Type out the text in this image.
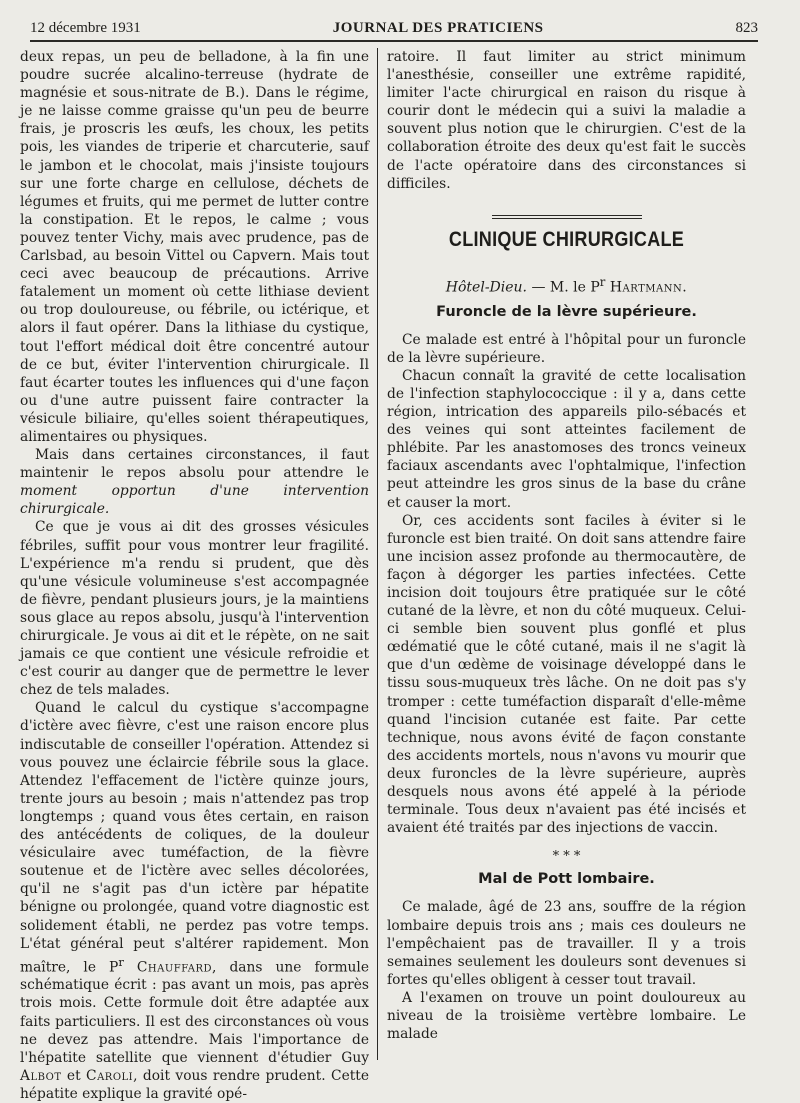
12 décembre 1931	JOURNAL DES PRATICIENS	823

deux repas, un peu de belladone, à la fin une poudre sucrée alcalino-terreuse (hydrate de magnésie et sous-nitrate de B.). Dans le régime, je ne laisse comme graisse qu'un peu de beurre frais, je proscris les œufs, les choux, les petits pois, les viandes de triperie et charcuterie, sauf le jambon et le chocolat, mais j'insiste toujours sur une forte charge en cellulose, déchets de légumes et fruits, qui me permet de lutter contre la constipation. Et le repos, le calme ; vous pouvez tenter Vichy, mais avec prudence, pas de Carlsbad, au besoin Vittel ou Capvern. Mais tout ceci avec beaucoup de précautions. Arrive fatalement un moment où cette lithiase devient ou trop douloureuse, ou fébrile, ou ictérique, et alors il faut opérer. Dans la lithiase du cystique, tout l'effort médical doit être concentré autour de ce but, éviter l'intervention chirurgicale. Il faut écarter toutes les influences qui d'une façon ou d'une autre puissent faire contracter la vésicule biliaire, qu'elles soient thérapeutiques, alimentaires ou physiques.

Mais dans certaines circonstances, il faut maintenir le repos absolu pour attendre le moment opportun d'une intervention chirurgicale.

Ce que je vous ai dit des grosses vésicules fébriles, suffit pour vous montrer leur fragilité. L'expérience m'a rendu si prudent, que dès qu'une vésicule volumineuse s'est accompagnée de fièvre, pendant plusieurs jours, je la maintiens sous glace au repos absolu, jusqu'à l'intervention chirurgicale. Je vous ai dit et le répète, on ne sait jamais ce que contient une vésicule refroidie et c'est courir au danger que de permettre le lever chez de tels malades.

Quand le calcul du cystique s'accompagne d'ictère avec fièvre, c'est une raison encore plus indiscutable de conseiller l'opération. Attendez si vous pouvez une éclaircie fébrile sous la glace. Attendez l'effacement de l'ictère quinze jours, trente jours au besoin ; mais n'attendez pas trop longtemps ; quand vous êtes certain, en raison des antécédents de coliques, de la douleur vésiculaire avec tuméfaction, de la fièvre soutenue et de l'ictère avec selles décolorées, qu'il ne s'agit pas d'un ictère par hépatite bénigne ou prolongée, quand votre diagnostic est solidement établi, ne perdez pas votre temps. L'état général peut s'altérer rapidement. Mon maître, le $P^r$ Chauffard, dans une formule schématique écrit : pas avant un mois, pas après trois mois. Cette formule doit être adaptée aux faits particuliers. Il est des circonstances où vous ne devez pas attendre. Mais l'importance de l'hépatite satellite que viennent d'étudier Guy Albot et Caroli, doit vous rendre prudent. Cette hépatite explique la gravité opé-

ratoire. Il faut limiter au strict minimum l'anesthésie, conseiller une extrême rapidité, limiter l'acte chirurgical en raison du risque à courir dont le médecin qui a suivi la maladie a souvent plus notion que le chirurgien. C'est de la collaboration étroite des deux qu'est fait le succès de l'acte opératoire dans des circonstances si difficiles.

CLINIQUE CHIRURGICALE
Hôtel-Dieu. — M. le $P^r$ Hartmann.
Furoncle de la lèvre supérieure.

Ce malade est entré à l'hôpital pour un furoncle de la lèvre supérieure.

Chacun connaît la gravité de cette localisation de l'infection staphylococcique : il y a, dans cette région, intrication des appareils pilo-sébacés et des veines qui sont atteintes facilement de phlébite. Par les anastomoses des troncs veineux faciaux ascendants avec l'ophtalmique, l'infection peut atteindre les gros sinus de la base du crâne et causer la mort.

Or, ces accidents sont faciles à éviter si le furoncle est bien traité. On doit sans attendre faire une incision assez profonde au thermocautère, de façon à dégorger les parties infectées. Cette incision doit toujours être pratiquée sur le côté cutané de la lèvre, et non du côté muqueux. Celui-ci semble bien souvent plus gonflé et plus œdématié que le côté cutané, mais il ne s'agit là que d'un œdème de voisinage développé dans le tissu sous-muqueux très lâche. On ne doit pas s'y tromper : cette tuméfaction disparaît d'elle-même quand l'incision cutanée est faite. Par cette technique, nous avons évité de façon constante des accidents mortels, nous n'avons vu mourir que deux furoncles de la lèvre supérieure, auprès desquels nous avons été appelé à la période terminale. Tous deux n'avaient pas été incisés et avaient été traités par des injections de vaccin.

* * *
Mal de Pott lombaire.

Ce malade, âgé de 23 ans, souffre de la région lombaire depuis trois ans ; mais ces douleurs ne l'empêchaient pas de travailler. Il y a trois semaines seulement les douleurs sont devenues si fortes qu'elles obligent à cesser tout travail.

A l'examen on trouve un point douloureux au niveau de la troisième vertèbre lombaire. Le malade
